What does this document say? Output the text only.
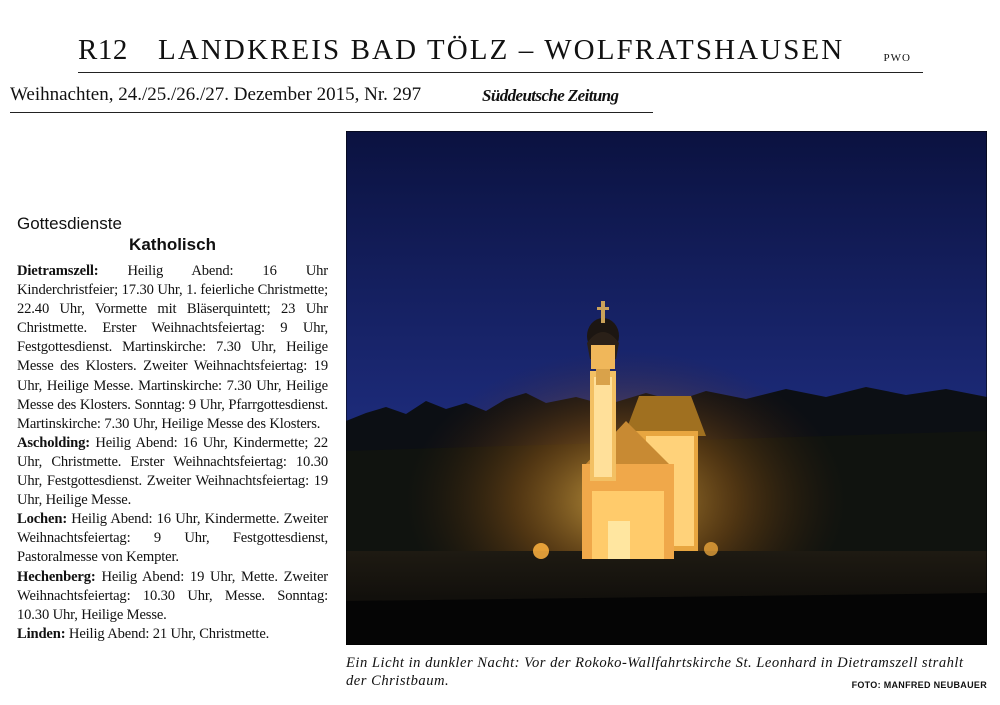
R12 LANDKREIS BAD TÖLZ – WOLFRATSHAUSEN	PWO
Weihnachten, 24./25./26./27. Dezember 2015, Nr. 297	Süddeutsche Zeitung
Gottesdienste
Katholisch

Dietramszell: Heilig Abend: 16 Uhr Kinderchristfeier; 17.30 Uhr, 1. feierliche Christmette; 22.40 Uhr, Vormette mit Bläserquintett; 23 Uhr Christmette. Erster Weihnachtsfeiertag: 9 Uhr, Festgottesdienst. Martinskirche: 7.30 Uhr, Heilige Messe des Klosters. Zweiter Weihnachtsfeiertag: 19 Uhr, Heilige Messe. Martinskirche: 7.30 Uhr, Heilige Messe des Klosters. Sonntag: 9 Uhr, Pfarrgottesdienst. Martinskirche: 7.30 Uhr, Heilige Messe des Klosters.

Ascholding: Heilig Abend: 16 Uhr, Kindermette; 22 Uhr, Christmette. Erster Weihnachtsfeiertag: 10.30 Uhr, Festgottesdienst. Zweiter Weihnachtsfeiertag: 19 Uhr, Heilige Messe.

Lochen: Heilig Abend: 16 Uhr, Kindermette. Zweiter Weihnachtsfeiertag: 9 Uhr, Festgottesdienst, Pastoralmesse von Kempter.

Hechenberg: Heilig Abend: 19 Uhr, Mette. Zweiter Weihnachtsfeiertag: 10.30 Uhr, Messe. Sonntag: 10.30 Uhr, Heilige Messe.

Linden: Heilig Abend: 21 Uhr, Christmette.

Ein Licht in dunkler Nacht: Vor der Rokoko-Wallfahrtskirche St. Leonhard in Dietramszell strahlt der Christbaum.	FOTO: MANFRED NEUBAUER
